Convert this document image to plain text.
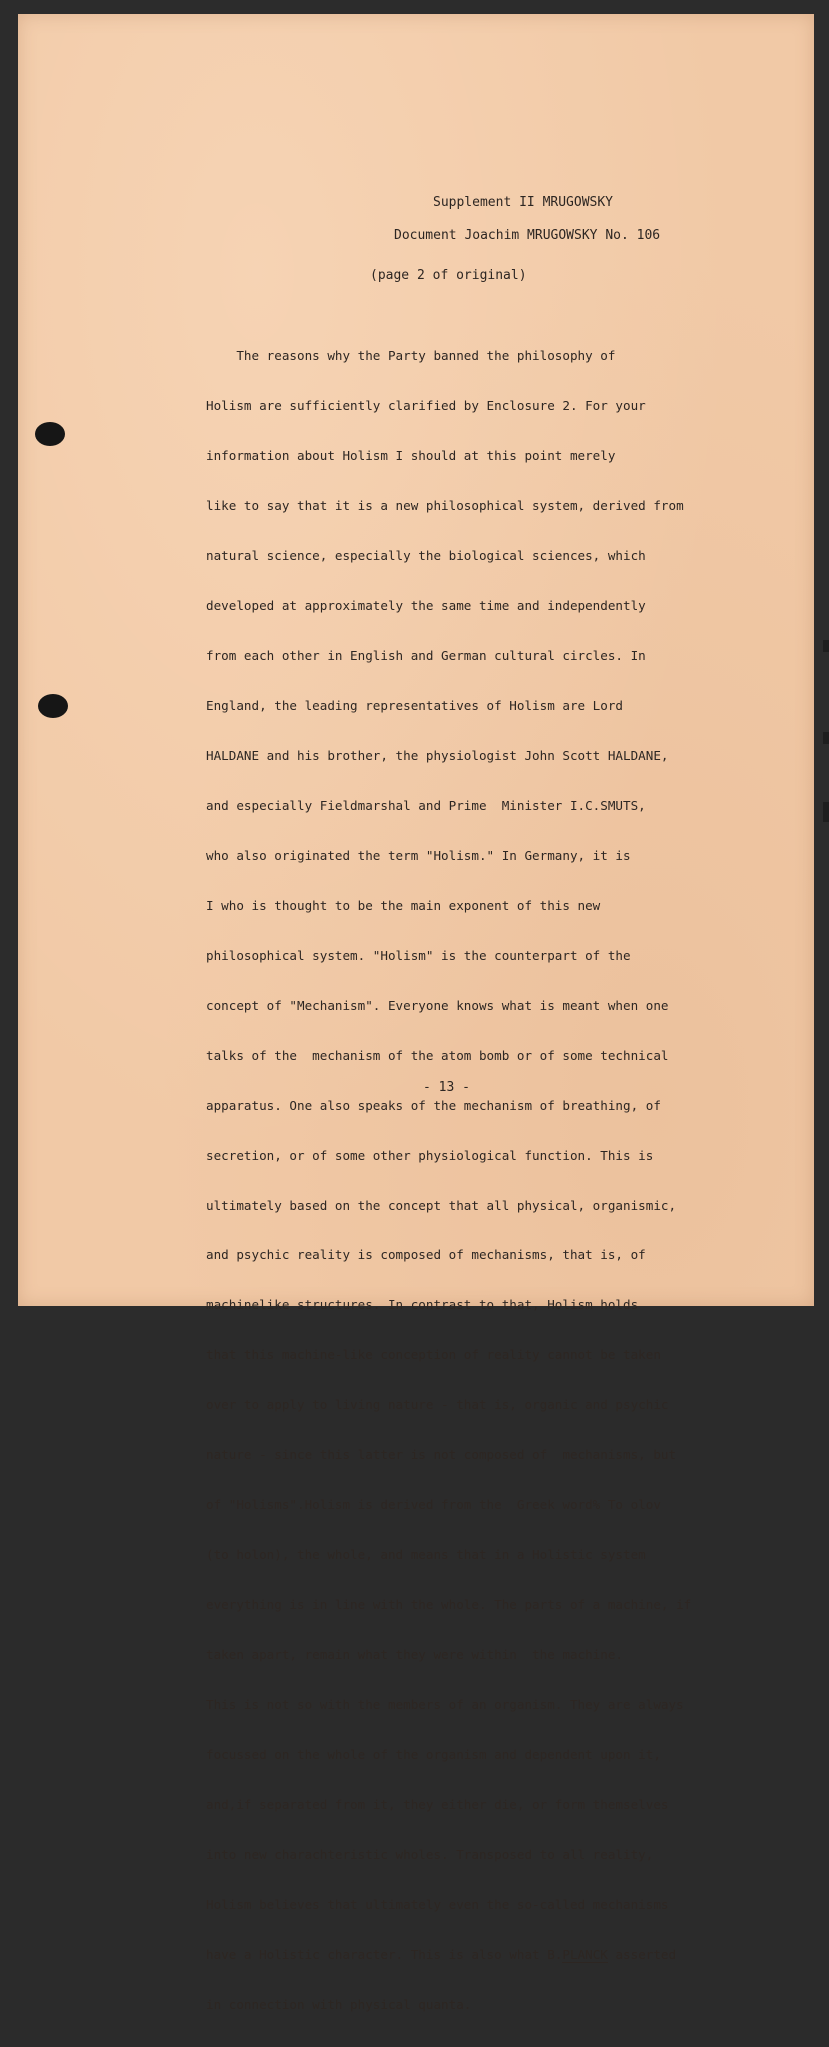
Supplement II MRUGOWSKY
Document Joachim MRUGOWSKY No. 106
(page 2 of original)

The reasons why the Party banned the philosophy of

Holism are sufficiently clarified by Enclosure 2. For your

information about Holism I should at this point merely

like to say that it is a new philosophical system, derived from

natural science, especially the biological sciences, which

developed at approximately the same time and independently

from each other in English and German cultural circles. In

England, the leading representatives of Holism are Lord

HALDANE and his brother, the physiologist John Scott HALDANE,

and especially Fieldmarshal and Prime  Minister I.C.SMUTS,

who also originated the term "Holism." In Germany, it is

I who is thought to be the main exponent of this new

philosophical system. "Holism" is the counterpart of the

concept of "Mechanism". Everyone knows what is meant when one

talks of the  mechanism of the atom bomb or of some technical

apparatus. One also speaks of the mechanism of breathing, of

secretion, or of some other physiological function. This is

ultimately based on the concept that all physical, organismic,

and psychic reality is composed of mechanisms, that is, of

machinelike structures. In contrast to that, Holism holds

that this machine-like conception of reality cannot be taken

over to apply to living nature - that is, organic and psychic

nature - since this latter is not composed of  mechanisms, but

of "Holisms".Holism is derived from the  Greek word% To olov

(to holon), the whole, and means that in a Holistic system

everything is in line with the whole. The parts of a machine, if

taken apart, remain what they were within  the machine.

This is not so with the members of an organism. They are always

focussed on the whole of the organism and dependent upon it,

and,if separated from it, they either die, or form themselves

into new charachteristic wholes. Transposed to all reality,

Holism believes that ultimately even the so-called mechanisms

have a Holistic character. This is also what B.PLANCK asserted

in connection with physical quanta.

- 13 -
